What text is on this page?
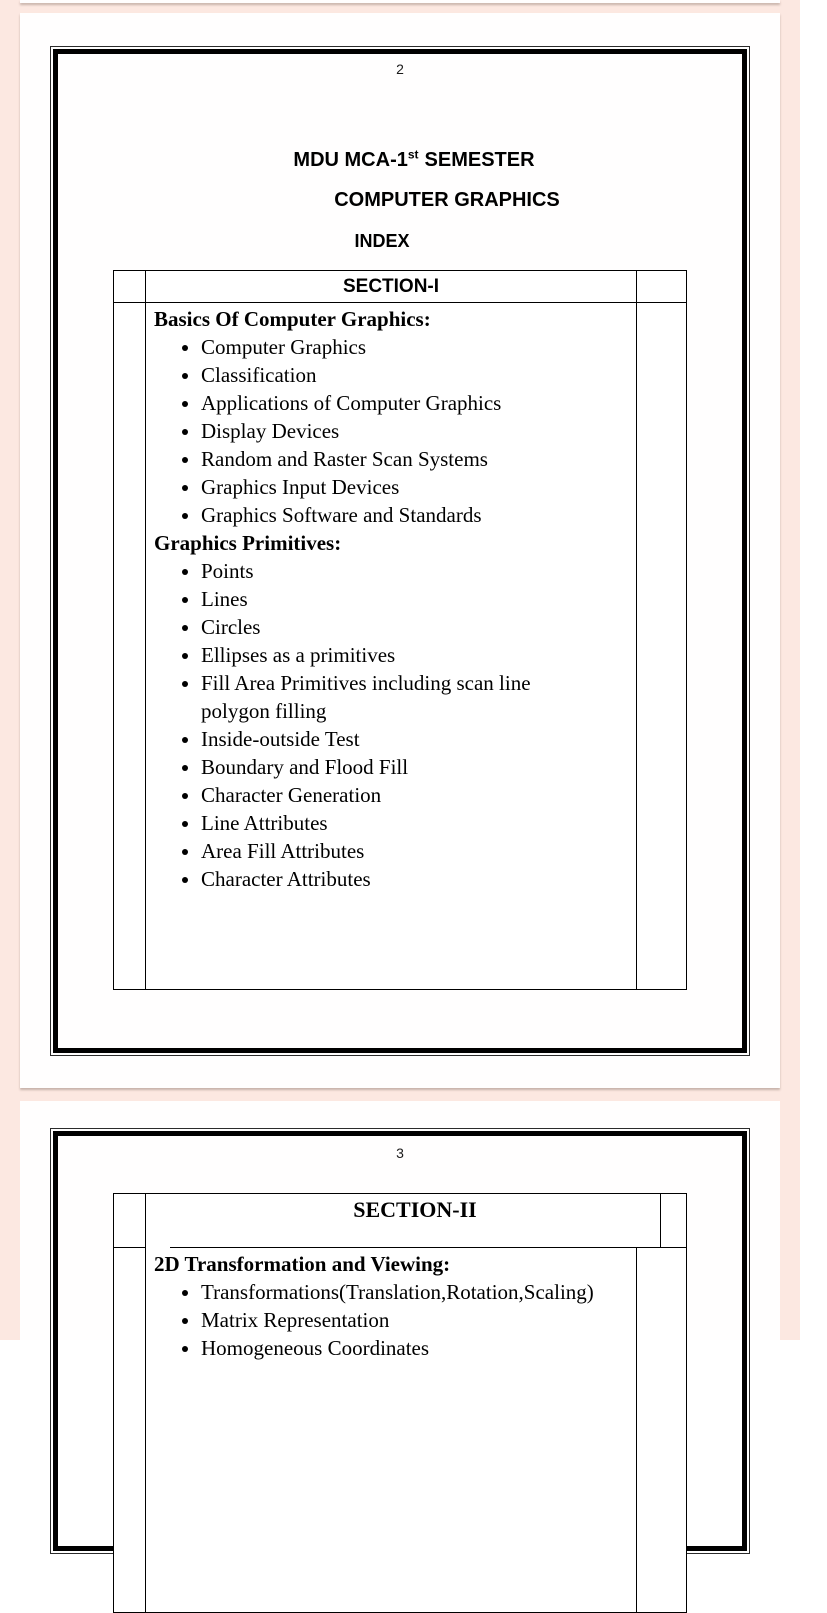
2
MDU MCA-1st SEMESTER
COMPUTER GRAPHICS
INDEX
SECTION-I
Basics Of Computer Graphics:
• Computer Graphics
• Classification
• Applications of Computer Graphics
• Display Devices
• Random and Raster Scan Systems
• Graphics Input Devices
• Graphics Software and Standards
Graphics Primitives:
• Points
• Lines
• Circles
• Ellipses as a primitives
• Fill Area Primitives including scan line polygon filling
• Inside-outside Test
• Boundary and Flood Fill
• Character Generation
• Line Attributes
• Area Fill Attributes
• Character Attributes
3
SECTION-II
2D Transformation and Viewing:
• Transformations(Translation,Rotation,Scaling)
• Matrix Representation
• Homogeneous Coordinates
